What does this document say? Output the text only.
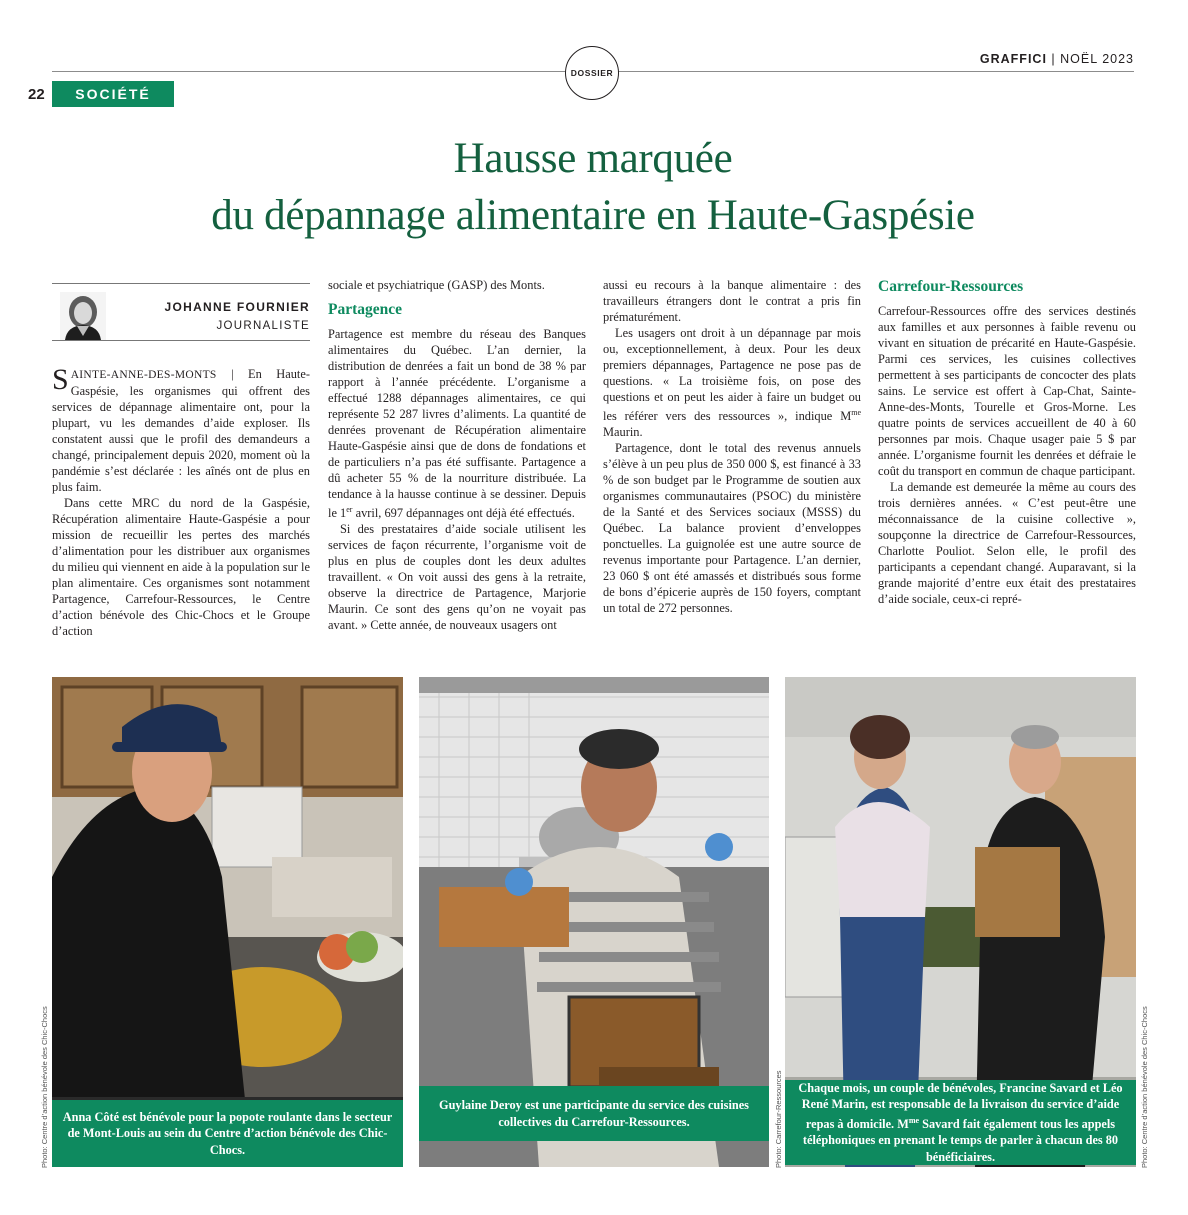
GRAFFICI | NOËL 2023
DOSSIER
22	SOCIÉTÉ
Hausse marquée
du dépannage alimentaire en Haute-Gaspésie
JOHANNE FOURNIER
JOURNALISTE

SAINTE-ANNE-DES-MONTS | En Haute-Gaspésie, les organismes qui offrent des services de dépannage alimentaire ont, pour la plupart, vu les demandes d’aide exploser. Ils constatent aussi que le profil des demandeurs a changé, principalement depuis 2020, moment où la pandémie s’est déclarée : les aînés ont de plus en plus faim.

Dans cette MRC du nord de la Gaspésie, Récupération alimentaire Haute-Gaspésie a pour mission de recueillir les pertes des marchés d’alimentation pour les distribuer aux organismes du milieu qui viennent en aide à la population sur le plan alimentaire. Ces organismes sont notamment Partagence, Carrefour-Ressources, le Centre d’action bénévole des Chic-Chocs et le Groupe d’action

sociale et psychiatrique (GASP) des Monts.

Partagence

Partagence est membre du réseau des Banques alimentaires du Québec. L’an dernier, la distribution de denrées a fait un bond de 38 % par rapport à l’année précédente. L’organisme a effectué 1288 dépannages alimentaires, ce qui représente 52 287 livres d’aliments. La quantité de denrées provenant de Récupération alimentaire Haute-Gaspésie ainsi que de dons de fondations et de particuliers n’a pas été suffisante. Partagence a dû acheter 55 % de la nourriture distribuée. La tendance à la hausse continue à se dessiner. Depuis le 1er avril, 697 dépannages ont déjà été effectués.

Si des prestataires d’aide sociale utilisent les services de façon récurrente, l’organisme voit de plus en plus de couples dont les deux adultes travaillent. « On voit aussi des gens à la retraite, observe la directrice de Partagence, Marjorie Maurin. Ce sont des gens qu’on ne voyait pas avant. » Cette année, de nouveaux usagers ont

aussi eu recours à la banque alimentaire : des travailleurs étrangers dont le contrat a pris fin prématurément.

Les usagers ont droit à un dépannage par mois ou, exceptionnellement, à deux. Pour les deux premiers dépannages, Partagence ne pose pas de questions. « La troisième fois, on pose des questions et on peut les aider à faire un budget ou les référer vers des ressources », indique $M^{me}$ Maurin.

Partagence, dont le total des revenus annuels s’élève à un peu plus de 350 000 $, est financé à 33 % de son budget par le Programme de soutien aux organismes communautaires (PSOC) du ministère de la Santé et des Services sociaux (MSSS) du Québec. La balance provient d’enveloppes ponctuelles. La guignolée est une autre source de revenus importante pour Partagence. L’an dernier, 23 060 $ ont été amassés et distribués sous forme de bons d’épicerie auprès de 150 foyers, comptant un total de 272 personnes.

Carrefour-Ressources

Carrefour-Ressources offre des services destinés aux familles et aux personnes à faible revenu ou vivant en situation de précarité en Haute-Gaspésie. Parmi ces services, les cuisines collectives permettent à ses participants de concocter des plats sains. Le service est offert à Cap-Chat, Sainte-Anne-des-Monts, Tourelle et Gros-Morne. Les quatre points de services accueillent de 40 à 60 personnes par mois. Chaque usager paie 5 $ par année. L’organisme fournit les denrées et défraie le coût du transport en commun de chaque participant.

La demande est demeurée la même au cours des trois dernières années. « C’est peut-être une méconnaissance de la cuisine collective », soupçonne la directrice de Carrefour-Ressources, Charlotte Pouliot. Selon elle, le profil des participants a cependant changé. Auparavant, si la grande majorité d’entre eux était des prestataires d’aide sociale, ceux-ci repré-

Anna Côté est bénévole pour la popote roulante dans le secteur de Mont-Louis au sein du Centre d’action bénévole des Chic-Chocs.
Photo: Centre d’action bénévole des Chic-Chocs	Guylaine Deroy est une participante du service des cuisines collectives du Carrefour-Ressources.	Photo: Carrefour-Ressources Chaque mois, un couple de bénévoles, Francine Savard et Léo René Marin, est responsable de la livraison du service d’aide repas à domicile. $M^{me}$ Savard fait également tous les appels téléphoniques en prenant le temps de parler à chacun des 80 bénéficiaires.	Photo: Centre d’action bénévole des Chic-Chocs
